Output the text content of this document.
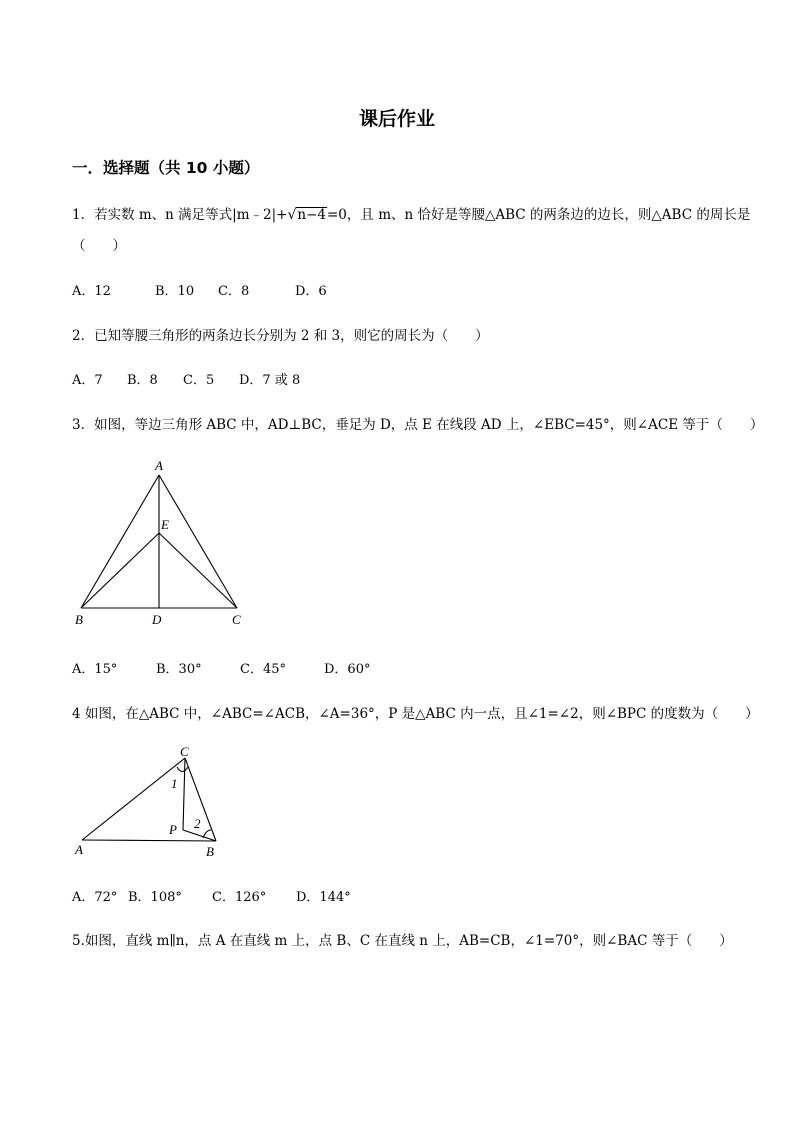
课后作业
一．选择题（共 10 小题）
1．若实数 m、n 满足等式|m﹣2|+√n−4=0，且 m、n 恰好是等腰△ABC 的两条边的边长，则△ABC 的周长是
（　　）
A．12	B．10 C．8	D．6
2．已知等腰三角形的两条边长分别为 2 和 3，则它的周长为（　　）
A．7 B．8 C．5 D．7 或 8
3．如图，等边三角形 ABC 中，AD⊥BC，垂足为 D，点 E 在线段 AD 上，∠EBC=45°，则∠ACE 等于（　　）
A
E
B	D	C
A．15°	B．30°	C．45°	D．60°
4 如图，在△ABC 中，∠ABC=∠ACB，∠A=36°，P 是△ABC 内一点，且∠1=∠2，则∠BPC 的度数为（　　）
C
1
P 2
A	B
A．72° B．108° C．126° D．144°
5.如图，直线 m∥n，点 A 在直线 m 上，点 B、C 在直线 n 上，AB=CB，∠1=70°，则∠BAC 等于（　　）
